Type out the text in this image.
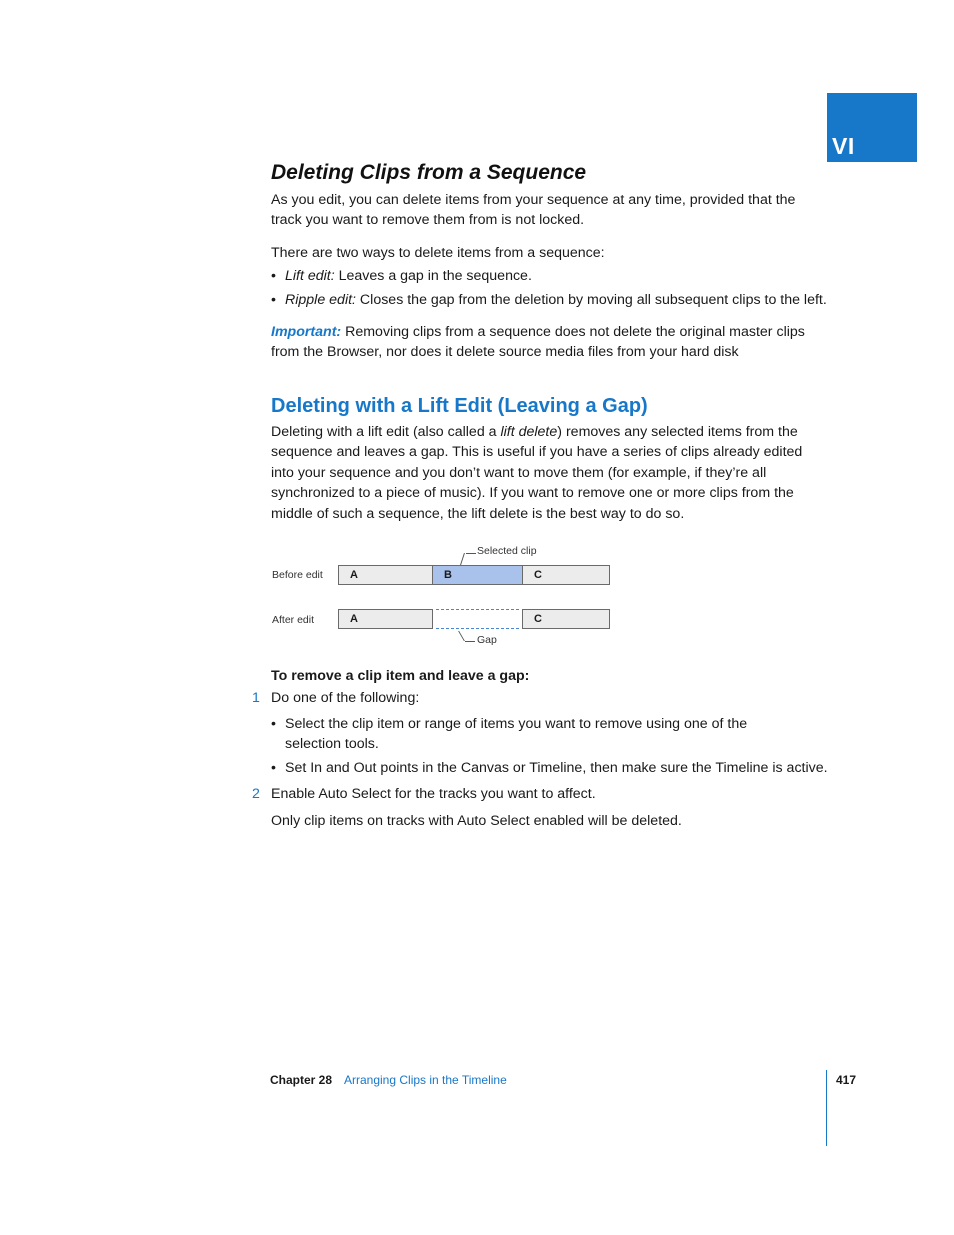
VI
Deleting Clips from a Sequence

As you edit, you can delete items from your sequence at any time, provided that the track you want to remove them from is not locked.

There are two ways to delete items from a sequence:

• Lift edit: Leaves a gap in the sequence.
• Ripple edit: Closes the gap from the deletion by moving all subsequent clips to the left.

Important: Removing clips from a sequence does not delete the original master clips from the Browser, nor does it delete source media files from your hard disk

Deleting with a Lift Edit (Leaving a Gap)

Deleting with a lift edit (also called a lift delete) removes any selected items from the sequence and leaves a gap. This is useful if you have a series of clips already edited into your sequence and you don’t want to move them (for example, if they’re all synchronized to a piece of music). If you want to remove one or more clips from the middle of such a sequence, the lift delete is the best way to do so.

Selected clip
Before edit	A	B	C
After edit	A	C
Gap
To remove a clip item and leave a gap:
1 Do one of the following:

• Select the clip item or range of items you want to remove using one of the selection tools.
• Set In and Out points in the Canvas or Timeline, then make sure the Timeline is active.
2 Enable Auto Select for the tracks you want to affect.

Only clip items on tracks with Auto Select enabled will be deleted.

Chapter 28 Arranging Clips in the Timeline	417
